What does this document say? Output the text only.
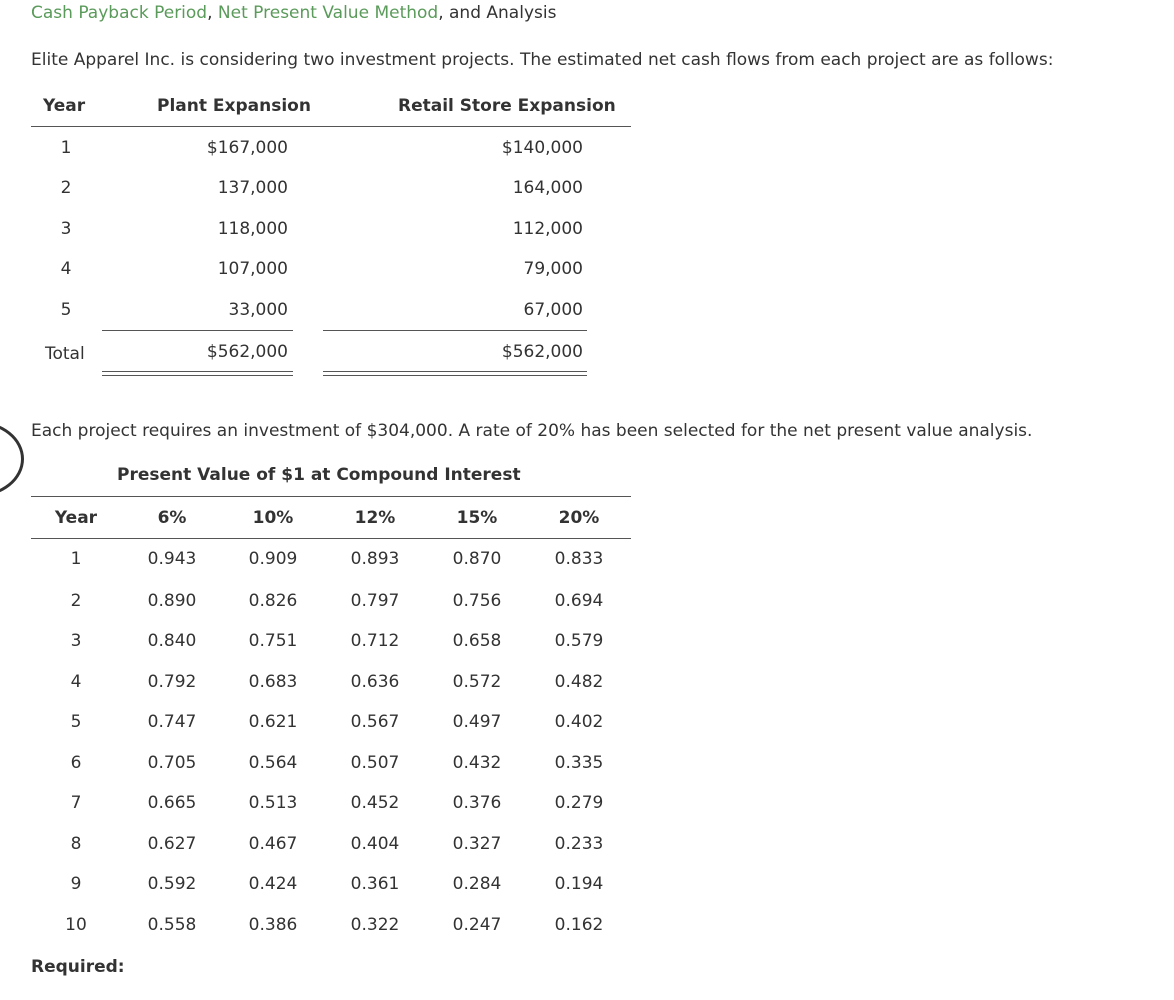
Cash Payback Period, Net Present Value Method, and Analysis
Elite Apparel Inc. is considering two investment projects. The estimated net cash flows from each project are as follows:
Year	Plant Expansion	Retail Store Expansion
1	$167,000	$140,000
2	137,000	164,000
3	118,000	112,000
4	107,000	79,000
5	33,000	67,000
Total	$562,000	$562,000
Each project requires an investment of $304,000. A rate of 20% has been selected for the net present value analysis.
Present Value of $1 at Compound Interest
Year	6%	10%	12%	15%	20%
1	0.943	0.909	0.893	0.870	0.833
2	0.890	0.826	0.797	0.756	0.694
3	0.840	0.751	0.712	0.658	0.579
4	0.792	0.683	0.636	0.572	0.482
5	0.747	0.621	0.567	0.497	0.402
6	0.705	0.564	0.507	0.432	0.335
7	0.665	0.513	0.452	0.376	0.279
8	0.627	0.467	0.404	0.327	0.233
9	0.592	0.424	0.361	0.284	0.194
10	0.558	0.386	0.322	0.247	0.162
Required:
